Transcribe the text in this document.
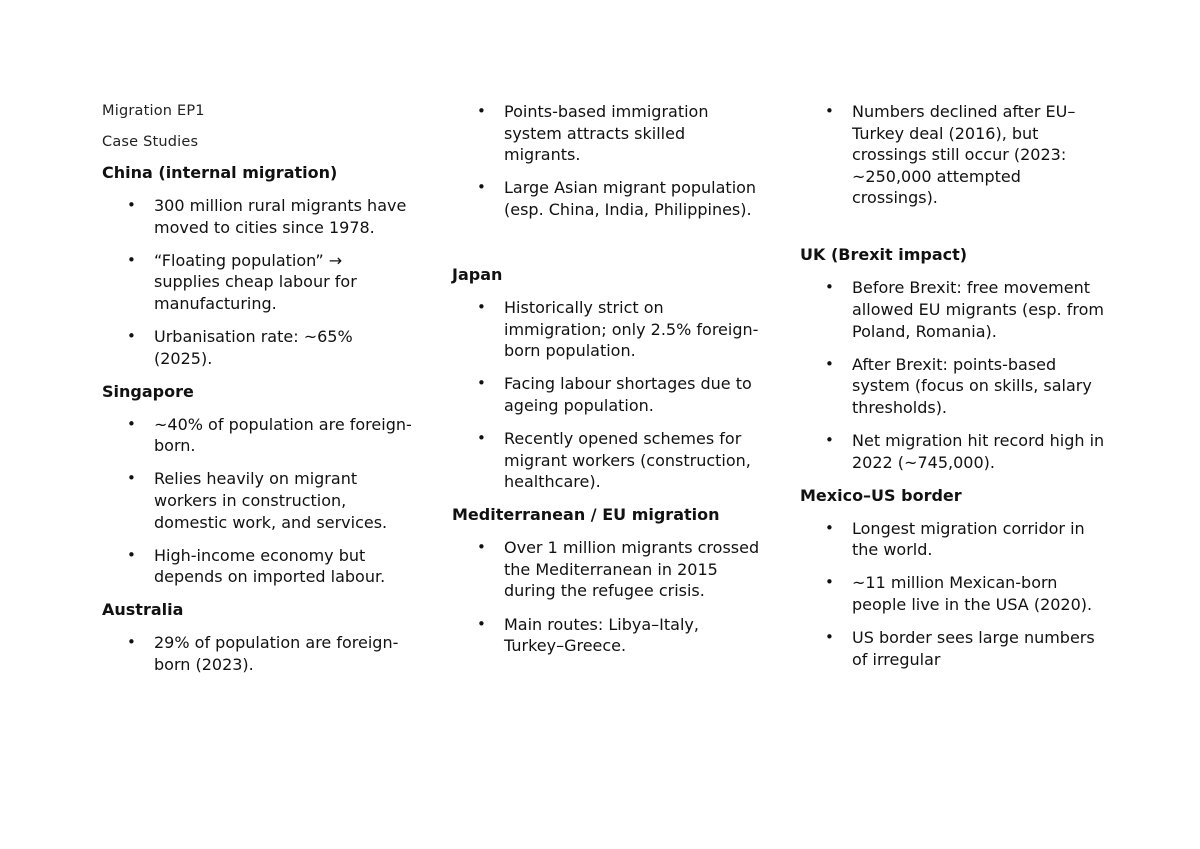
Migration EP1

Case Studies

China (internal migration)
• 300 million rural migrants have moved to cities since 1978.
• “Floating population” → supplies cheap labour for manufacturing.
• Urbanisation rate: ~65% (2025).
Singapore
• ~40% of population are foreign-born.
• Relies heavily on migrant workers in construction, domestic work, and services.
• High-income economy but depends on imported labour.
Australia
• 29% of population are foreign-born (2023).
• Points-based immigration system attracts skilled migrants.
• Large Asian migrant population (esp. China, India, Philippines).
Japan
• Historically strict on immigration; only 2.5% foreign-born population.
• Facing labour shortages due to ageing population.
• Recently opened schemes for migrant workers (construction, healthcare).
Mediterranean / EU migration
• Over 1 million migrants crossed the Mediterranean in 2015 during the refugee crisis.
• Main routes: Libya–Italy, Turkey–Greece.
• Numbers declined after EU–Turkey deal (2016), but crossings still occur (2023: ~250,000 attempted crossings).
UK (Brexit impact)
• Before Brexit: free movement allowed EU migrants (esp. from Poland, Romania).
• After Brexit: points-based system (focus on skills, salary thresholds).
• Net migration hit record high in 2022 (~745,000).
Mexico–US border
• Longest migration corridor in the world.
• ~11 million Mexican-born people live in the USA (2020).
• US border sees large numbers of irregular
